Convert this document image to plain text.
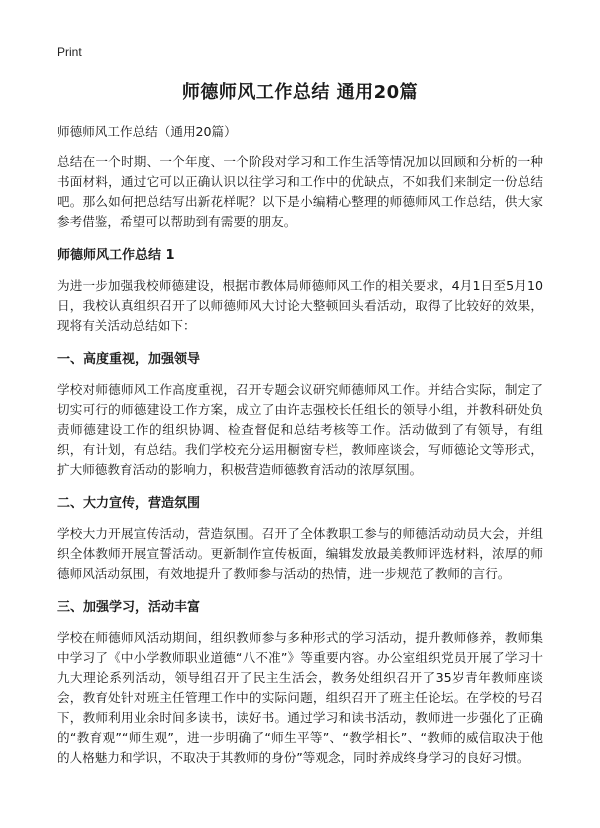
Print
师德师风工作总结 通用20篇

师德师风工作总结（通用20篇）

总结在一个时期、一个年度、一个阶段对学习和工作生活等情况加以回顾和分析的一种书面材料，通过它可以正确认识以往学习和工作中的优缺点，不如我们来制定一份总结吧。那么如何把总结写出新花样呢？以下是小编精心整理的师德师风工作总结，供大家参考借鉴，希望可以帮助到有需要的朋友。

师德师风工作总结 1

为进一步加强我校师德建设，根据市教体局师德师风工作的相关要求，4月1日至5月10日，我校认真组织召开了以师德师风大讨论大整顿回头看活动，取得了比较好的效果，现将有关活动总结如下：

一、高度重视，加强领导

学校对师德师风工作高度重视，召开专题会议研究师德师风工作。并结合实际，制定了切实可行的师德建设工作方案，成立了由许志强校长任组长的领导小组，并教科研处负责师德建设工作的组织协调、检查督促和总结考核等工作。活动做到了有领导，有组织，有计划，有总结。我们学校充分运用橱窗专栏，教师座谈会，写师德论文等形式，扩大师德教育活动的影响力，积极营造师德教育活动的浓厚氛围。

二、大力宣传，营造氛围

学校大力开展宣传活动，营造氛围。召开了全体教职工参与的师德活动动员大会，并组织全体教师开展宣誓活动。更新制作宣传板面，编辑发放最美教师评选材料，浓厚的师德师风活动氛围，有效地提升了教师参与活动的热情，进一步规范了教师的言行。

三、加强学习，活动丰富

学校在师德师风活动期间，组织教师参与多种形式的学习活动，提升教师修养，教师集中学习了《中小学教师职业道德“八不准”》等重要内容。办公室组织党员开展了学习十九大理论系列活动，领导组召开了民主生活会，教务处组织召开了35岁青年教师座谈会，教育处针对班主任管理工作中的实际问题，组织召开了班主任论坛。在学校的号召下，教师利用业余时间多读书，读好书。通过学习和读书活动，教师进一步强化了正确的“教育观”“师生观”，进一步明确了“师生平等”、“教学相长”、“教师的威信取决于他的人格魅力和学识，不取决于其教师的身份”等观念，同时养成终身学习的良好习惯。
